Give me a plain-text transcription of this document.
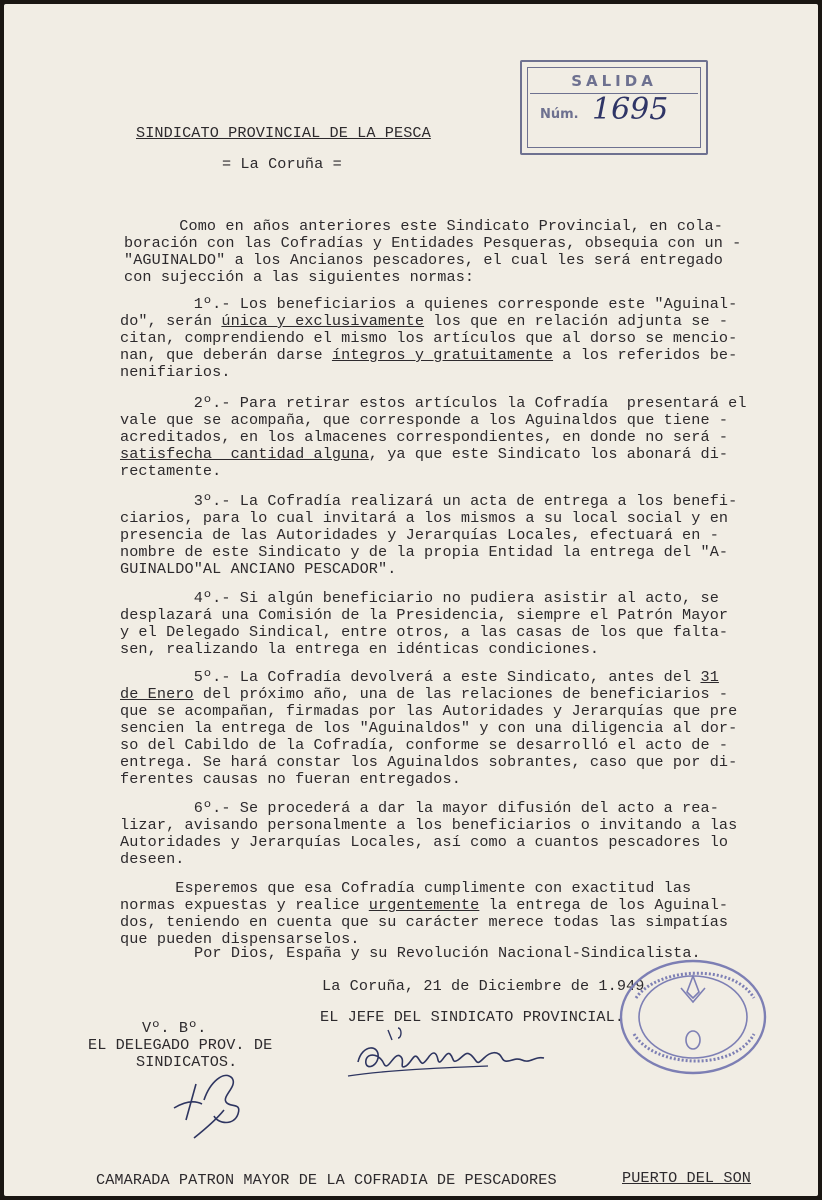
SALIDA
Núm. 1695
SINDICATO PROVINCIAL DE LA PESCA
= La Coruña =
Como en años anteriores este Sindicato Provincial, en cola-
boración con las Cofradías y Entidades Pesqueras, obsequia con un -
"AGUINALDO" a los Ancianos pescadores, el cual les será entregado
con sujección a las siguientes normas:
1º.- Los beneficiarios a quienes corresponde este "Aguinal-
do", serán única y exclusivamente los que en relación adjunta se -
citan, comprendiendo el mismo los artículos que al dorso se mencio-
nan, que deberán darse íntegros y gratuitamente a los referidos be-
nenifiarios.
2º.- Para retirar estos artículos la Cofradía  presentará el
vale que se acompaña, que corresponde a los Aguinaldos que tiene -
acreditados, en los almacenes correspondientes, en donde no será -
satisfecha  cantidad alguna, ya que este Sindicato los abonará di-
rectamente.
3º.- La Cofradía realizará un acta de entrega a los benefi-
ciarios, para lo cual invitará a los mismos a su local social y en
presencia de las Autoridades y Jerarquías Locales, efectuará en -
nombre de este Sindicato y de la propia Entidad la entrega del "A-
GUINALDO"AL ANCIANO PESCADOR".
4º.- Si algún beneficiario no pudiera asistir al acto, se
desplazará una Comisión de la Presidencia, siempre el Patrón Mayor
y el Delegado Sindical, entre otros, a las casas de los que falta-
sen, realizando la entrega en idénticas condiciones.
5º.- La Cofradía devolverá a este Sindicato, antes del 31
de Enero del próximo año, una de las relaciones de beneficiarios -
que se acompañan, firmadas por las Autoridades y Jerarquías que pre
sencien la entrega de los "Aguinaldos" y con una diligencia al dor-
so del Cabildo de la Cofradía, conforme se desarrolló el acto de -
entrega. Se hará constar los Aguinaldos sobrantes, caso que por di-
ferentes causas no fueran entregados.
6º.- Se procederá a dar la mayor difusión del acto a rea-
lizar, avisando personalmente a los beneficiarios o invitando a las
Autoridades y Jerarquías Locales, así como a cuantos pescadores lo
deseen.
Esperemos que esa Cofradía cumplimente con exactitud las
normas expuestas y realice urgentemente la entrega de los Aguinal-
dos, teniendo en cuenta que su carácter merece todas las simpatías
que pueden dispensarselos.
Por Dios, España y su Revolución Nacional-Sindicalista.
La Coruña, 21 de Diciembre de 1.949
EL JEFE DEL SINDICATO PROVINCIAL.
Vº. Bº.
EL DELEGADO PROV. DE
SINDICATOS.
CAMARADA PATRON MAYOR DE LA COFRADIA DE PESCADORES	PUERTO DEL SON
